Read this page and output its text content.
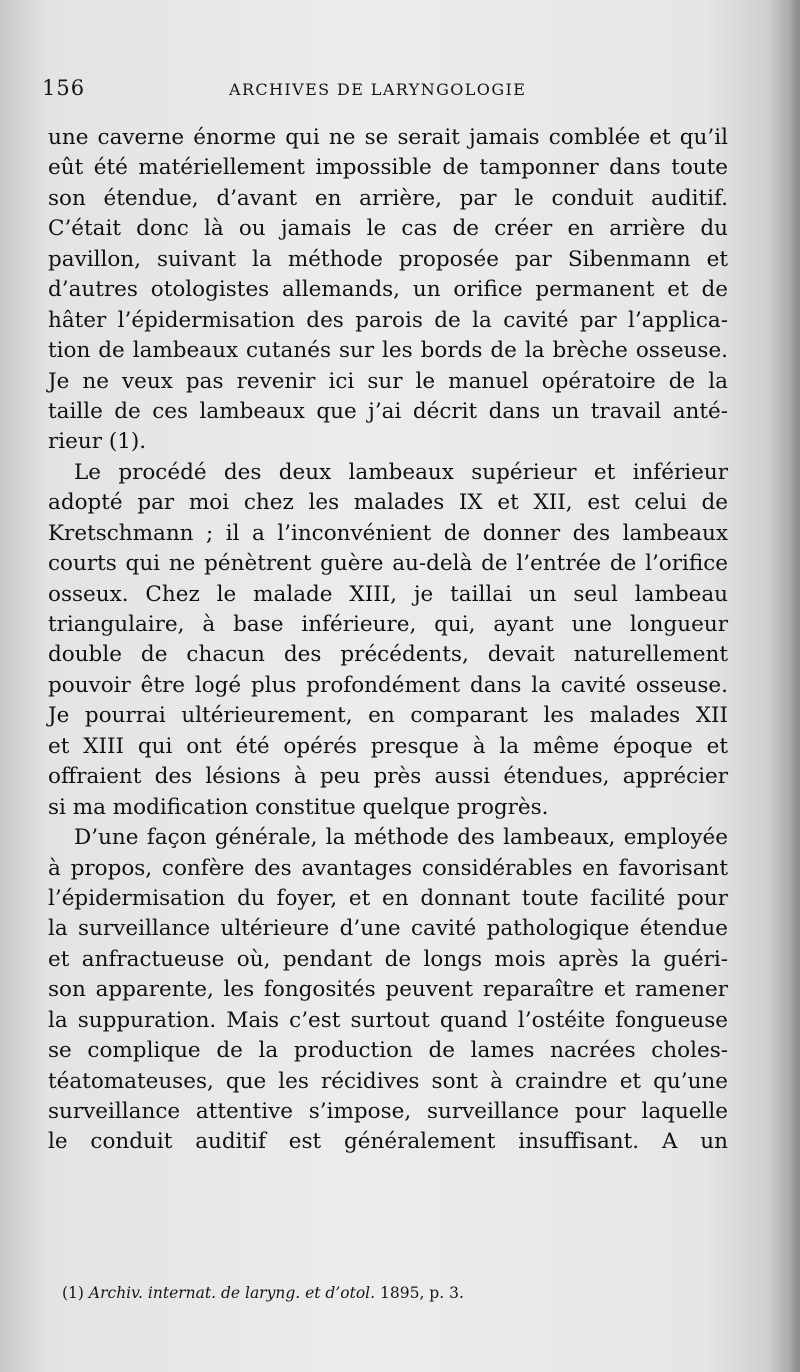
156	ARCHIVES DE LARYNGOLOGIE
une caverne énorme qui ne se serait jamais comblée et qu’il
eût été matériellement impossible de tamponner dans toute
son étendue, d’avant en arrière, par le conduit auditif.
C’était donc là ou jamais le cas de créer en arrière du
pavillon, suivant la méthode proposée par Sibenmann et
d’autres otologistes allemands, un orifice permanent et de
hâter l’épidermisation des parois de la cavité par l’applica-
tion de lambeaux cutanés sur les bords de la brèche osseuse.
Je ne veux pas revenir ici sur le manuel opératoire de la
taille de ces lambeaux que j’ai décrit dans un travail anté-
rieur (1).
Le procédé des deux lambeaux supérieur et inférieur
adopté par moi chez les malades IX et XII, est celui de
Kretschmann ; il a l’inconvénient de donner des lambeaux
courts qui ne pénètrent guère au-delà de l’entrée de l’orifice
osseux. Chez le malade XIII, je taillai un seul lambeau
triangulaire, à base inférieure, qui, ayant une longueur
double de chacun des précédents, devait naturellement
pouvoir être logé plus profondément dans la cavité osseuse.
Je pourrai ultérieurement, en comparant les malades XII
et XIII qui ont été opérés presque à la même époque et
offraient des lésions à peu près aussi étendues, apprécier
si ma modification constitue quelque progrès.
D’une façon générale, la méthode des lambeaux, employée
à propos, confère des avantages considérables en favorisant
l’épidermisation du foyer, et en donnant toute facilité pour
la surveillance ultérieure d’une cavité pathologique étendue
et anfractueuse où, pendant de longs mois après la guéri-
son apparente, les fongosités peuvent reparaître et ramener
la suppuration. Mais c’est surtout quand l’ostéite fongueuse
se complique de la production de lames nacrées choles-
téatomateuses, que les récidives sont à craindre et qu’une
surveillance attentive s’impose, surveillance pour laquelle
le conduit auditif est généralement insuffisant. A un
(1) Archiv. internat. de laryng. et d’otol. 1895, p. 3.
